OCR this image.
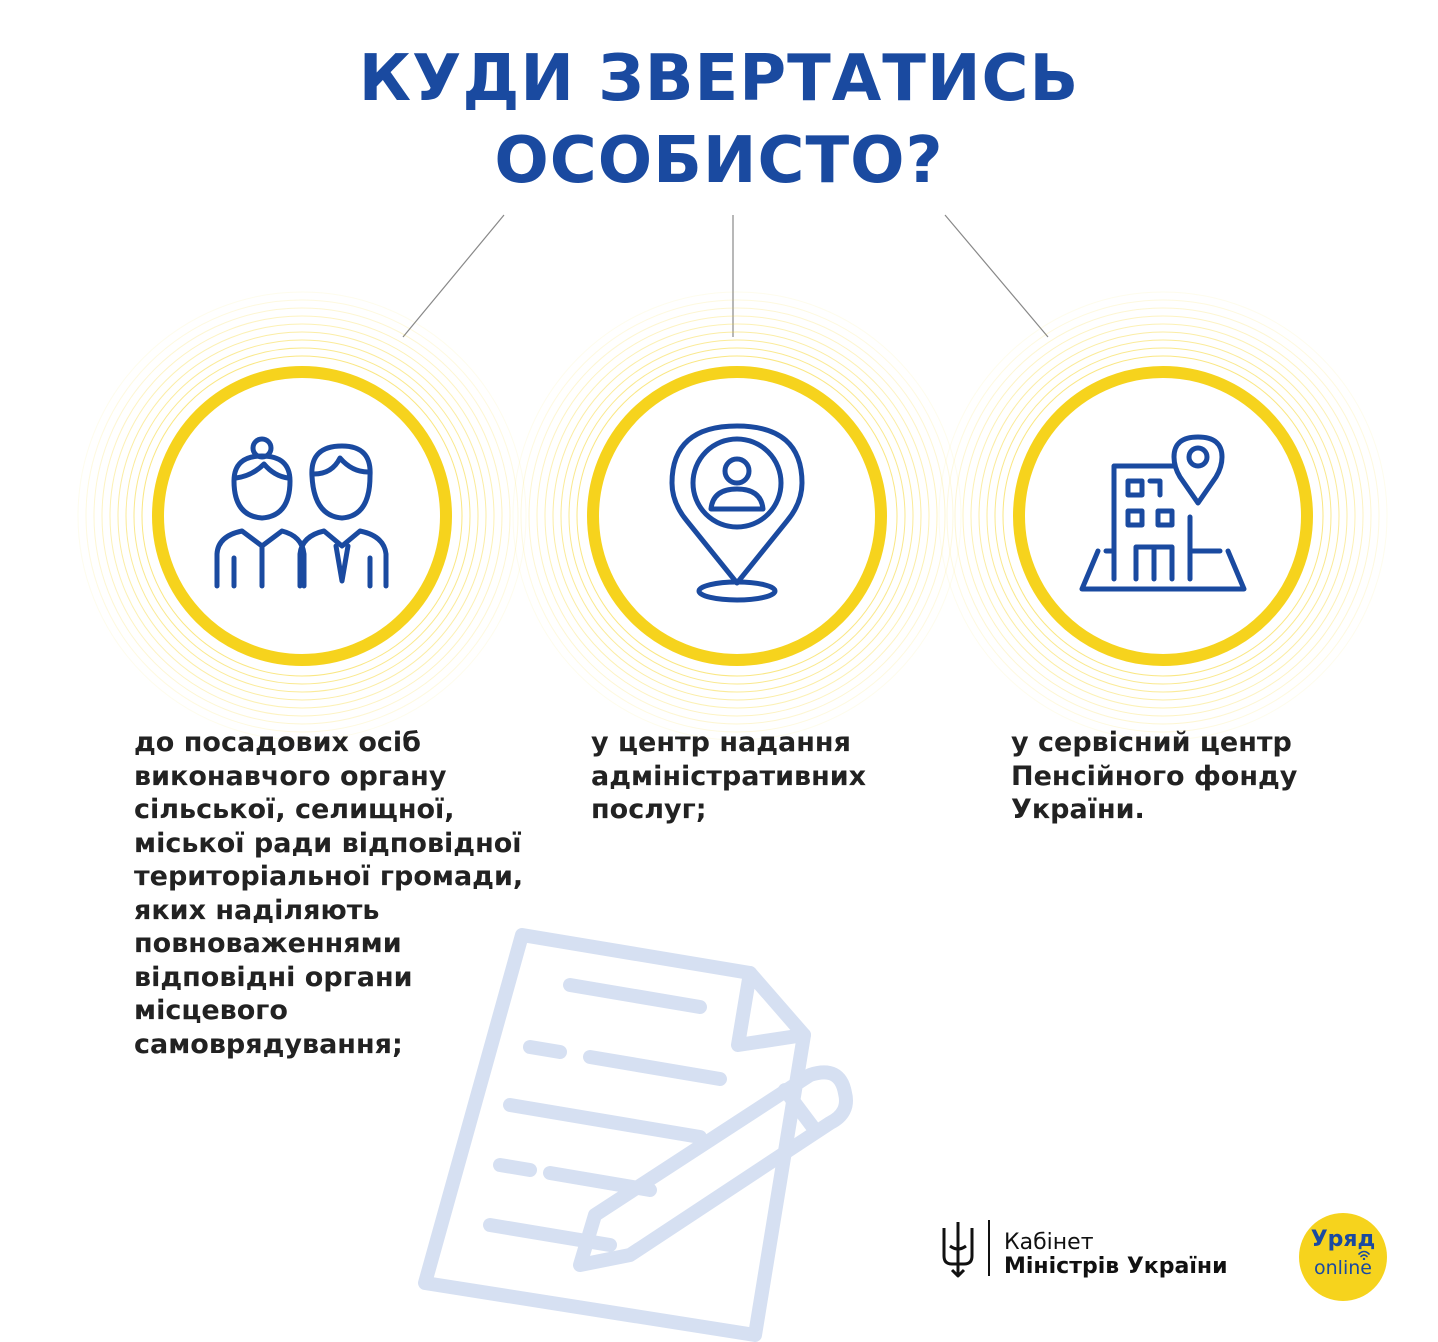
КУДИ ЗВЕРТАТИСЬ
ОСОБИСТО?
до посадових осіб
виконавчого органу
сільської, селищної,
міської ради відповідної
територіальної громади,
яких наділяють
повноваженнями
відповідні органи
місцевого
самоврядування;
у центр надання
адміністративних
послуг;
у сервісний центр
Пенсійного фонду
України.
Кабінет
Міністрів України
Уряд
online
